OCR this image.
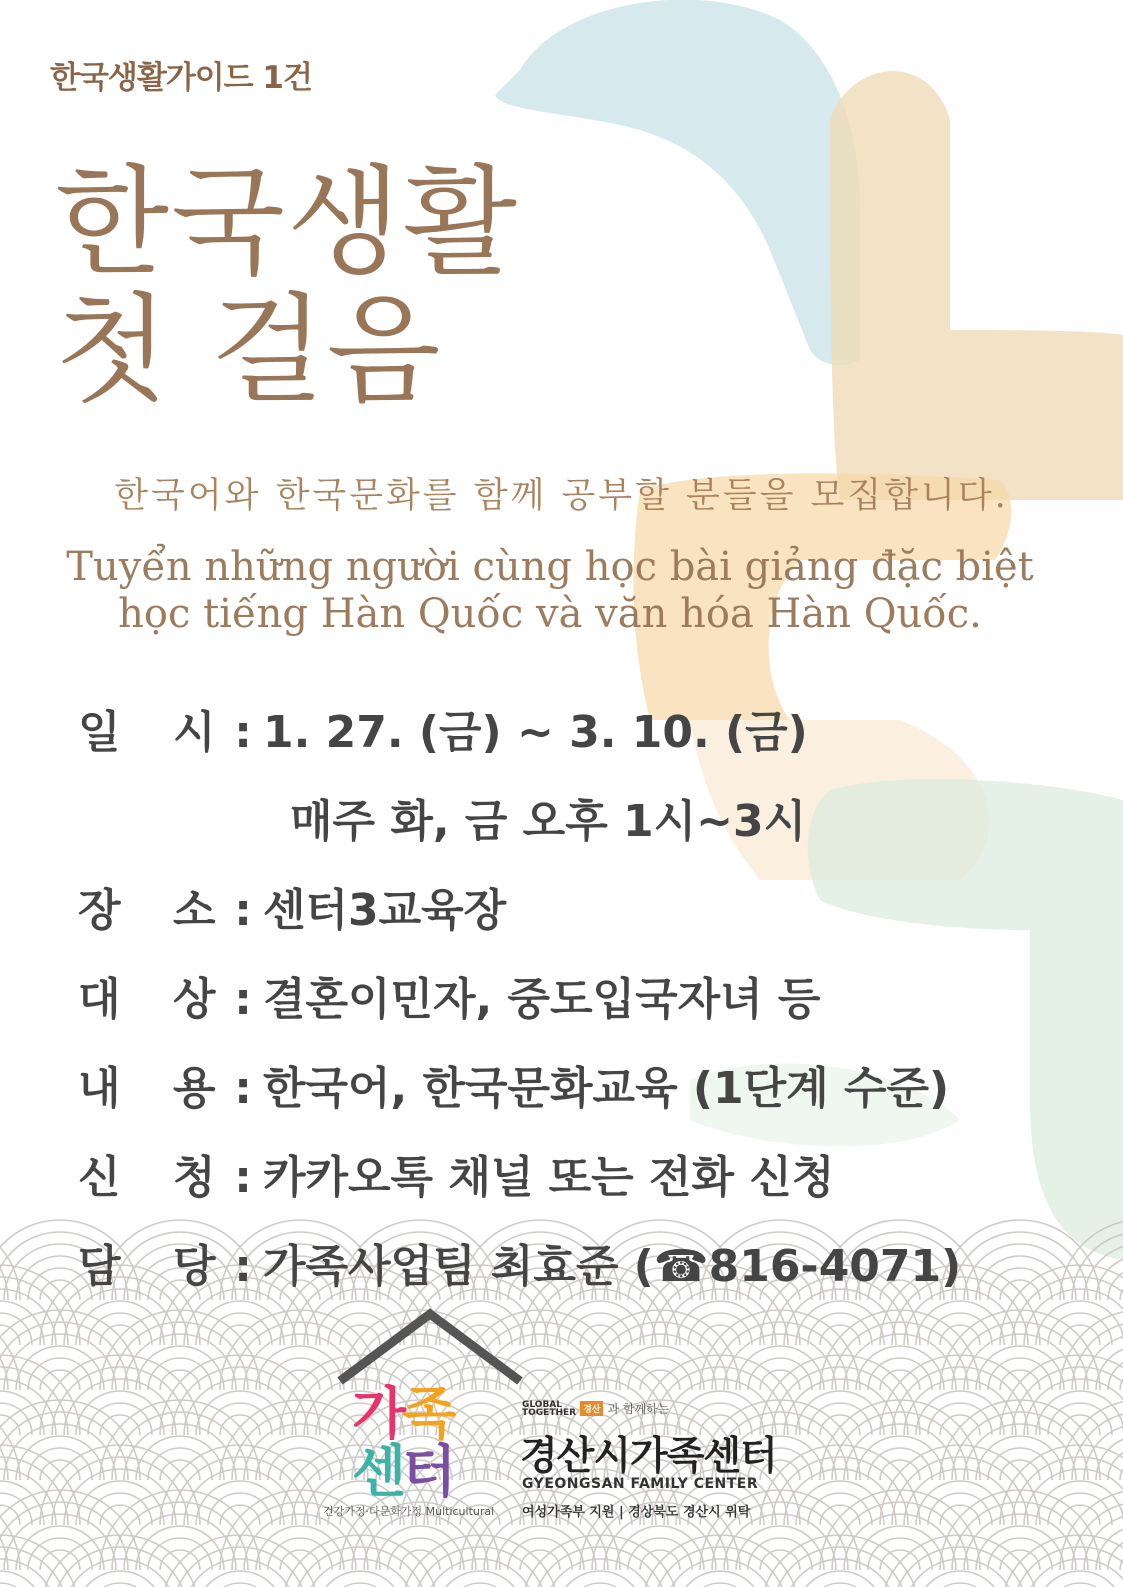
한국생활가이드 1건
한국생활
첫 걸음
한국어와 한국문화를 함께 공부할 분들을 모집합니다.
Tuyển những người cùng học bài giảng đặc biệt
học tiếng Hàn Quốc và văn hóa Hàn Quốc.
일	시 : 1. 27. (금) ~ 3. 10. (금)
매주 화, 금 오후 1시~3시
장	소 : 센터3교육장
대	상 : 결혼이민자, 중도입국자녀 등
내	용 : 한국어, 한국문화교육 (1단계 수준)
신	청 : 카카오톡 채널 또는 전화 신청
담	당 : 가족사업팀 최효준 (☎816-4071)
가족
센터
건강가정·다문화가정 Multicultural
GLOBAL
TOGETHER 경산 과 함께하는
경산시가족센터
GYEONGSAN FAMILY CENTER
여성가족부 지원 | 경상북도 경산시 위탁
